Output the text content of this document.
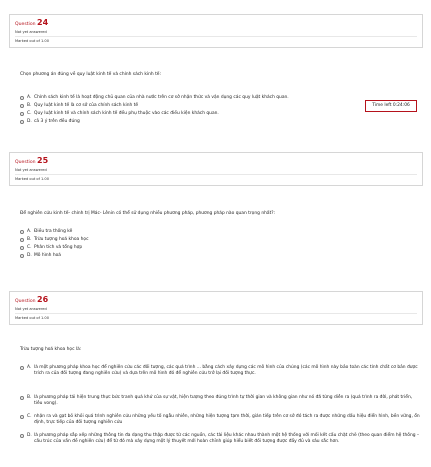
Question 24
Not yet answered
Marked out of 1.00
Chọn phương án đúng về quy luật kinh tế và chính sách kinh tế:
A. Chính sách kinh tế là hoạt động chủ quan của nhà nước trên cơ sở nhận thức và vận dụng các quy luật khách quan.
B. Quy luật kinh tế là cơ sở của chính sách kinh tế
C. Quy luật kinh tế và chính sách kinh tế đều phụ thuộc vào các điều kiện khách quan.
D. cả 3 ý trên đều đúng
Time left 0:24:06
Question 25
Not yet answered
Marked out of 1.00
Để nghiên cứu kinh tế- chính trị Mác- Lênin có thể sử dụng nhiều phương pháp, phương pháp nào quan trọng nhất?:
A. Điều tra thống kê
B. Trừu tượng hoá khoa học
C. Phân tích và tổng hợp
D. Mô hình hoá
Question 26
Not yet answered
Marked out of 1.00
Trừu tượng hoá khoa học là:
A. là một phương pháp khoa học để nghiên cứu các đối tượng, các quá trình ... bằng cách xây dựng các mô hình của chúng (các mô hình này bảo toàn các tính chất cơ bản được trích ra của đối tượng đang nghiên cứu) và dựa trên mô hình đó để nghiên cứu trở lại đối tượng thực.
B. là phương pháp tái hiện trung thực bức tranh quá khứ của sự vật, hiện tượng theo đúng trình tự thời gian và không gian như nó đã từng diễn ra (quá trình ra đời, phát triển, tiêu vong).
C. nhận ra và gạt bỏ khỏi quá trình nghiên cứu những yếu tố ngẫu nhiên, những hiện tượng tạm thời, gián tiếp trên cơ sở đó tách ra được những dấu hiệu điển hình, bền vững, ổn định, trực tiếp của đối tượng nghiên cứu
D. là phương pháp sắp xếp những thông tin đa dạng thu thập được từ các nguồn, các tài liệu khác nhau thành một hệ thống với mối kết cấu chặt chẽ (theo quan điểm hệ thống – cấu trúc của vấn đề nghiên cứu) để từ đó mà xây dựng một lý thuyết mới hoàn chỉnh giúp hiểu biết đối tượng được đầy đủ và sâu sắc hơn.
